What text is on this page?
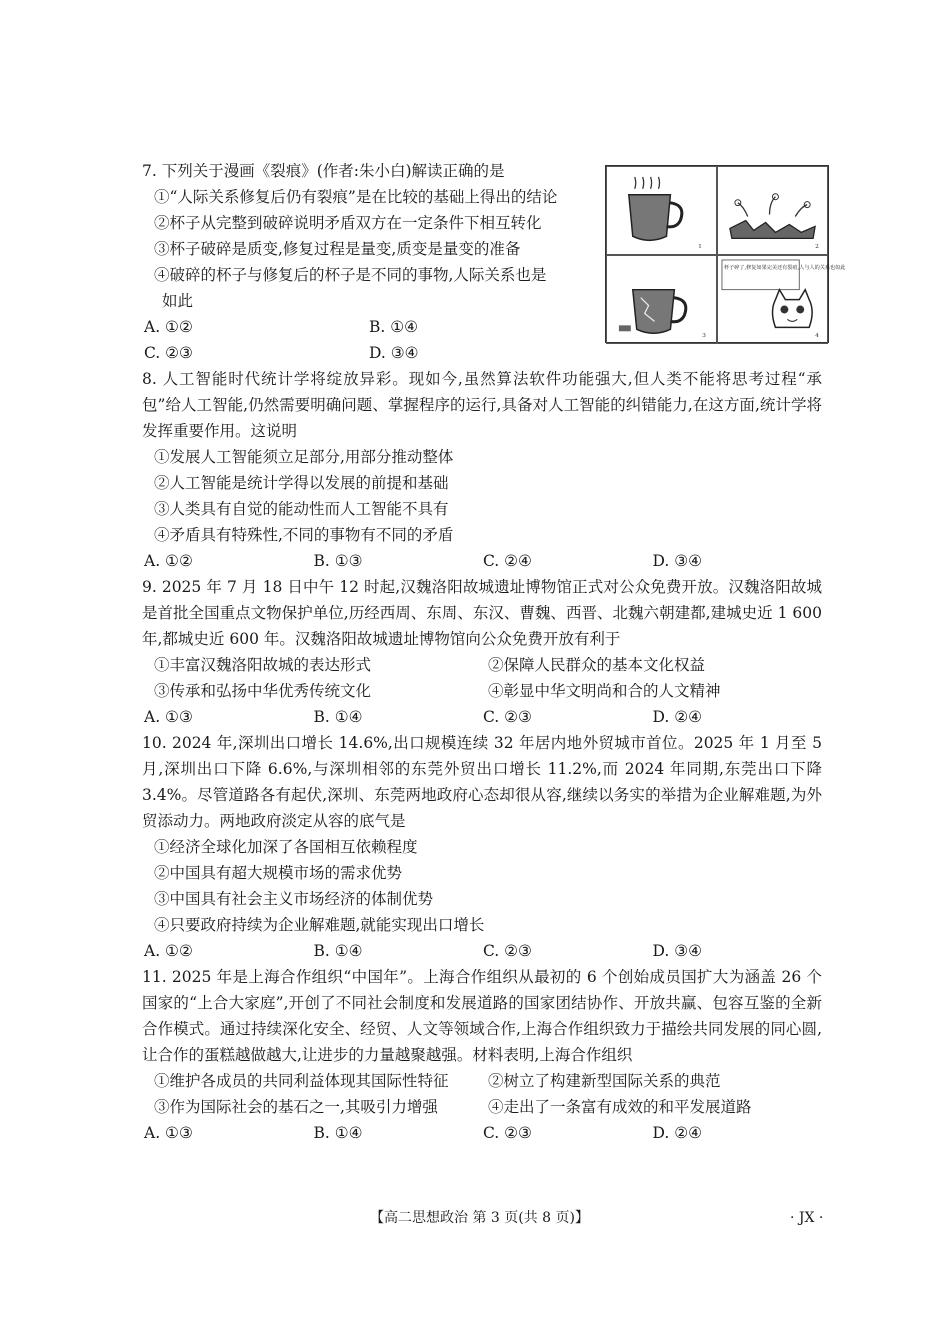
7. 下列关于漫画《裂痕》(作者:朱小白)解读正确的是

①“人际关系修复后仍有裂痕”是在比较的基础上得出的结论

②杯子从完整到破碎说明矛盾双方在一定条件下相互转化

③杯子破碎是质变,修复过程是量变,质变是量变的准备

④破碎的杯子与修复后的杯子是不同的事物,人际关系也是

如此

A. ①②	B. ①④
C. ②③	D. ③④

8. 人工智能时代统计学将绽放异彩。现如今,虽然算法软件功能强大,但人类不能将思考过程“承包”给人工智能,仍然需要明确问题、掌握程序的运行,具备对人工智能的纠错能力,在这方面,统计学将发挥重要作用。这说明

①发展人工智能须立足部分,用部分推动整体

②人工智能是统计学得以发展的前提和基础

③人类具有自觉的能动性而人工智能不具有

④矛盾具有特殊性,不同的事物有不同的矛盾

A. ①②	B. ①③	C. ②④	D. ③④

9. 2025 年 7 月 18 日中午 12 时起,汉魏洛阳故城遗址博物馆正式对公众免费开放。汉魏洛阳故城是首批全国重点文物保护单位,历经西周、东周、东汉、曹魏、西晋、北魏六朝建都,建城史近 1 600 年,都城史近 600 年。汉魏洛阳故城遗址博物馆向公众免费开放有利于

①丰富汉魏洛阳故城的表达形式	②保障人民群众的基本文化权益
③传承和弘扬中华优秀传统文化	④彰显中华文明尚和合的人文精神
A. ①③	B. ①④	C. ②③	D. ②④

10. 2024 年,深圳出口增长 14.6%,出口规模连续 32 年居内地外贸城市首位。2025 年 1 月至 5 月,深圳出口下降 6.6%,与深圳相邻的东莞外贸出口增长 11.2%,而 2024 年同期,东莞出口下降 3.4%。尽管道路各有起伏,深圳、东莞两地政府心态却很从容,继续以务实的举措为企业解难题,为外贸添动力。两地政府淡定从容的底气是

①经济全球化加深了各国相互依赖程度

②中国具有超大规模市场的需求优势

③中国具有社会主义市场经济的体制优势

④只要政府持续为企业解难题,就能实现出口增长

A. ①②	B. ①④	C. ②③	D. ③④

11. 2025 年是上海合作组织“中国年”。上海合作组织从最初的 6 个创始成员国扩大为涵盖 26 个国家的“上合大家庭”,开创了不同社会制度和发展道路的国家团结协作、开放共赢、包容互鉴的全新合作模式。通过持续深化安全、经贸、人文等领域合作,上海合作组织致力于描绘共同发展的同心圆,让合作的蛋糕越做越大,让进步的力量越聚越强。材料表明,上海合作组织

①维护各成员的共同利益体现其国际性特征	②树立了构建新型国际关系的典范
③作为国际社会的基石之一,其吸引力增强	④走出了一条富有成效的和平发展道路
A. ①③	B. ①④	C. ②③	D. ②④
1	2
3
杯子碎了,修复如果完美还有裂痕,人与人的关系也如此
4
【高二思想政治 第 3 页(共 8 页)】	· JX ·
